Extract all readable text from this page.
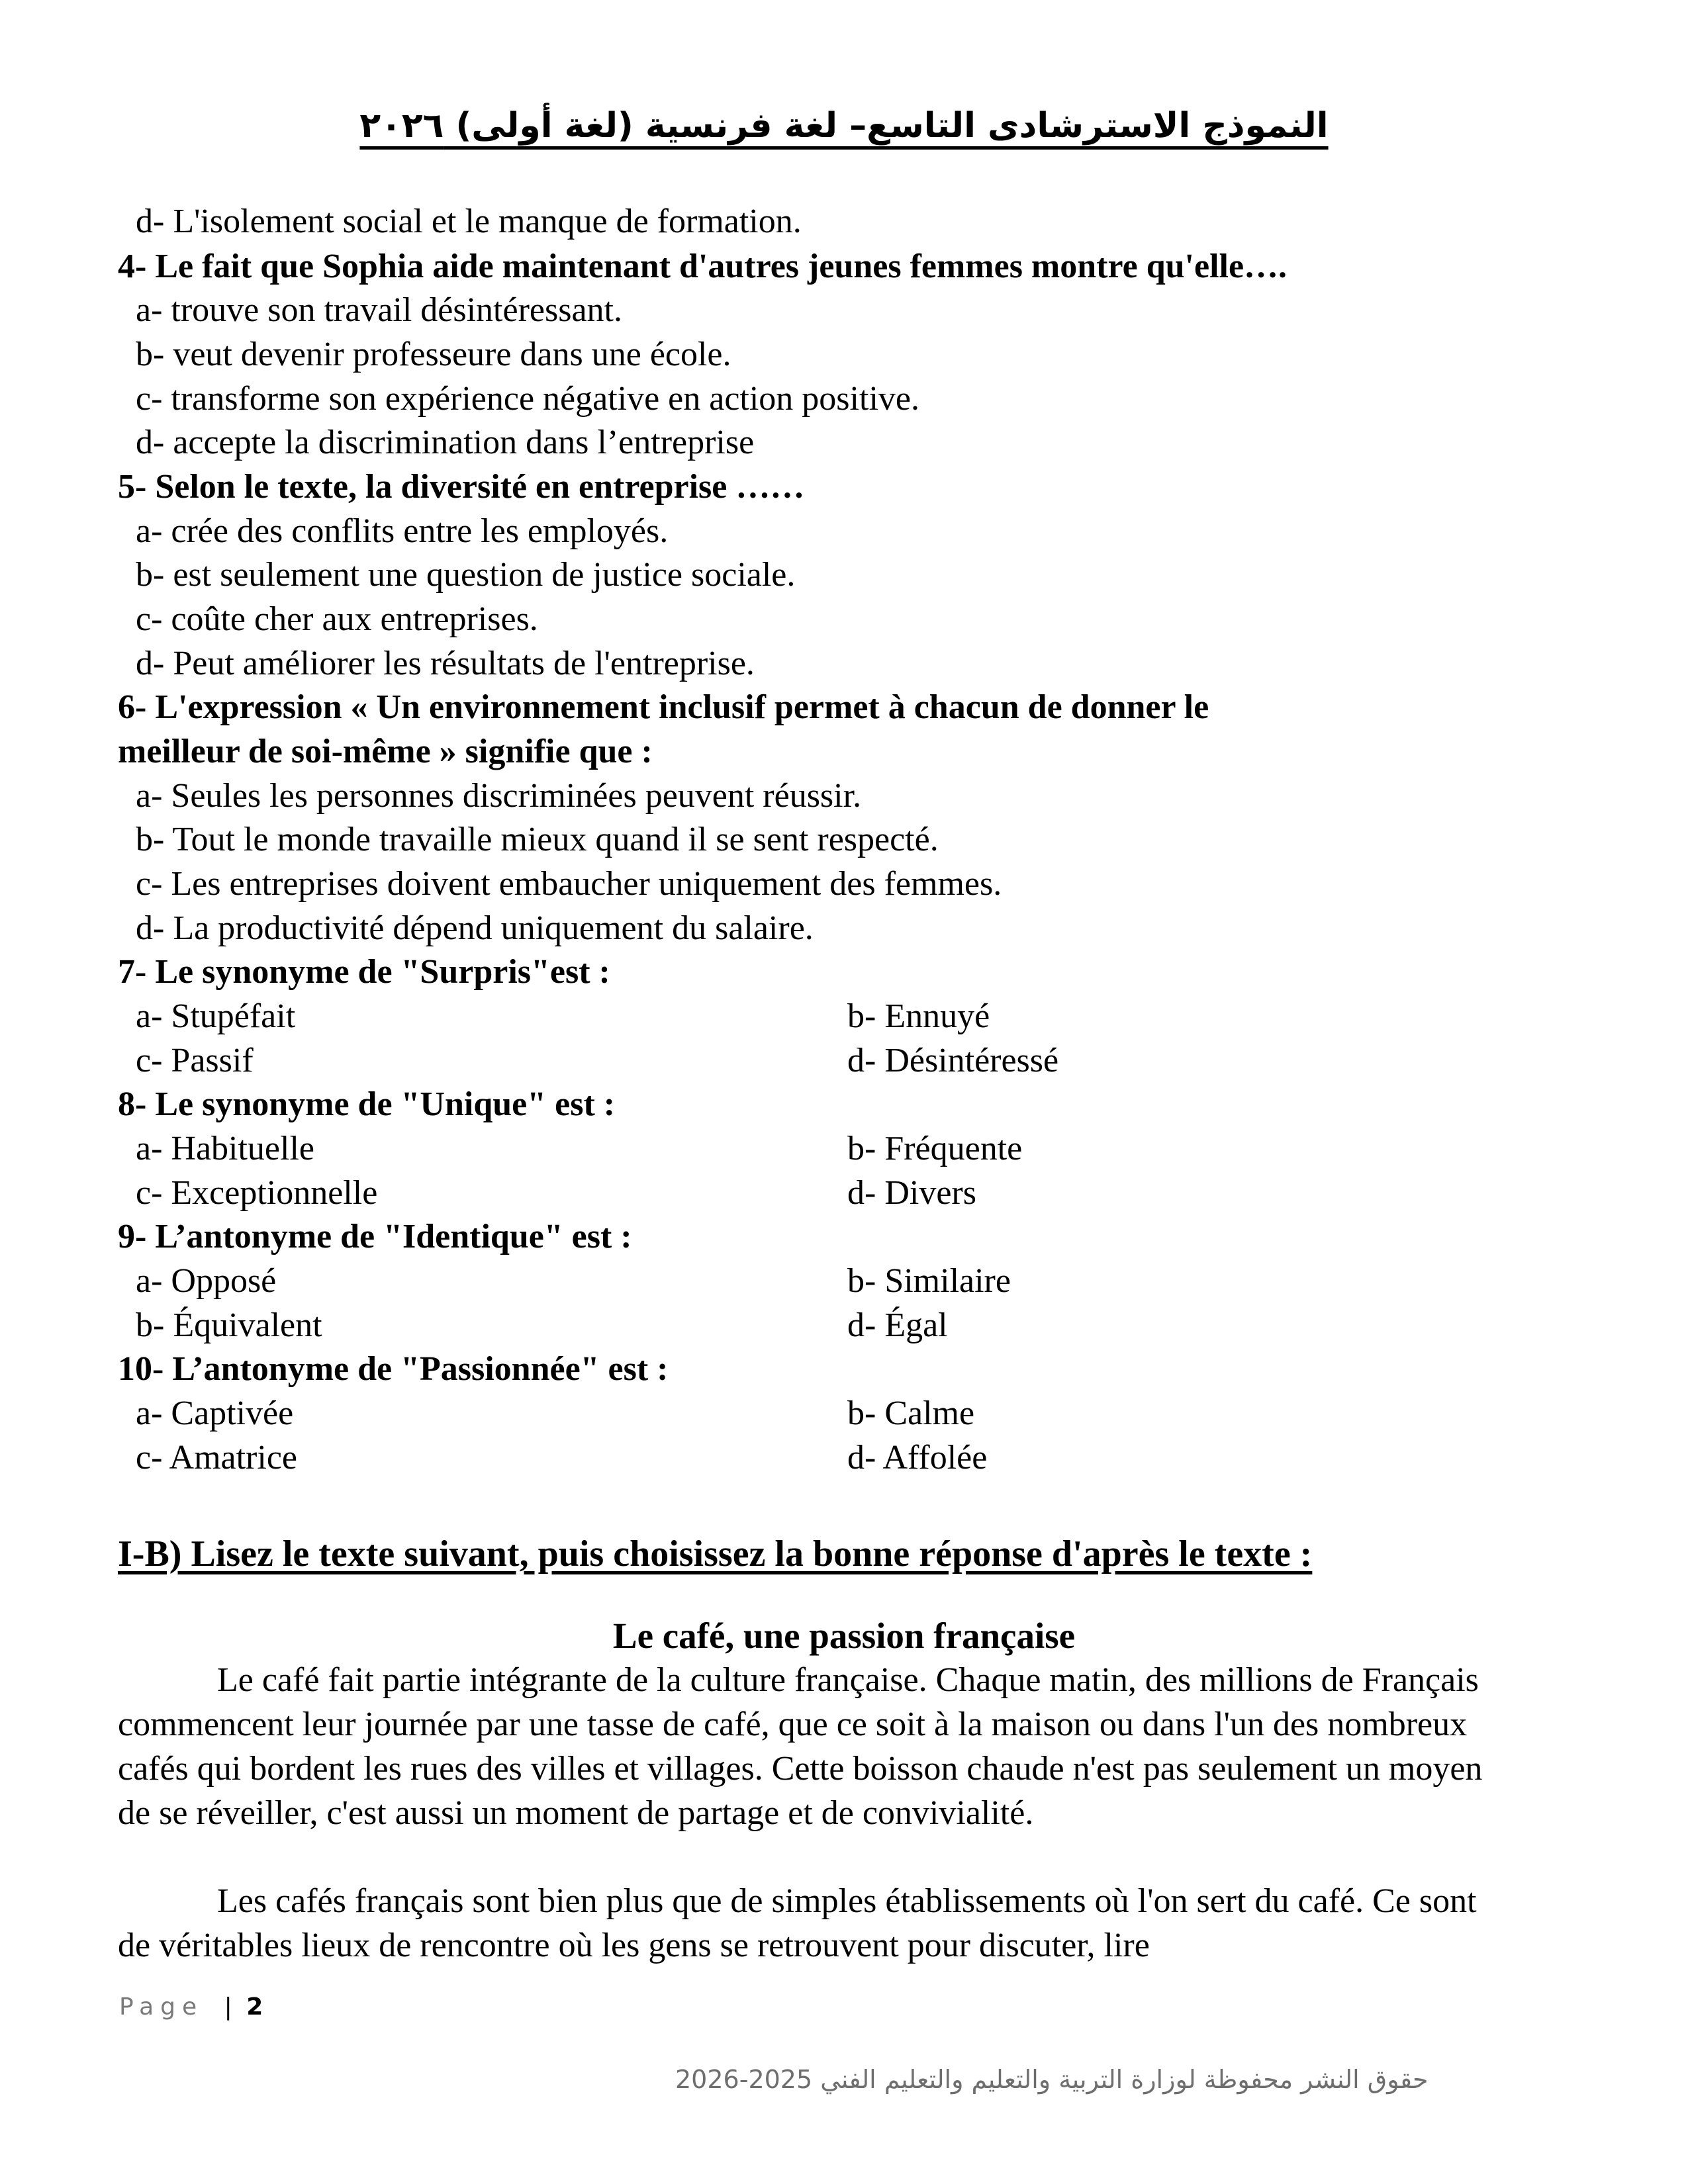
النموذج الاسترشادى التاسع– لغة فرنسية (لغة أولى) ٢٠٢٦
d- L'isolement social et le manque de formation.
4- Le fait que Sophia aide maintenant d'autres jeunes femmes montre qu'elle….
a- trouve son travail désintéressant.
b- veut devenir professeure dans une école.
c- transforme son expérience négative en action positive.
d- accepte la discrimination dans l’entreprise
5- Selon le texte, la diversité en entreprise ……
a- crée des conflits entre les employés.
b- est seulement une question de justice sociale.
c- coûte cher aux entreprises.
d- Peut améliorer les résultats de l'entreprise.
6- L'expression « Un environnement inclusif permet à chacun de donner le
meilleur de soi-même » signifie que :
a- Seules les personnes discriminées peuvent réussir.
b- Tout le monde travaille mieux quand il se sent respecté.
c- Les entreprises doivent embaucher uniquement des femmes.
d- La productivité dépend uniquement du salaire.
7- Le synonyme de "Surpris"est :
a- Stupéfait	b- Ennuyé
c- Passif	d- Désintéressé
8- Le synonyme de "Unique" est :
a- Habituelle	b- Fréquente
c- Exceptionnelle	d- Divers
9- L’antonyme de "Identique" est :
a- Opposé	b- Similaire
b- Équivalent	d- Égal
10- L’antonyme de "Passionnée" est :
a- Captivée	b- Calme
c- Amatrice	d- Affolée
I-B) Lisez le texte suivant, puis choisissez la bonne réponse d'après le texte :
Le café, une passion française
Le café fait partie intégrante de la culture française. Chaque matin, des millions de Français commencent leur journée par une tasse de café, que ce soit à la maison ou dans l'un des nombreux cafés qui bordent les rues des villes et villages. Cette boisson chaude n'est pas seulement un moyen de se réveiller, c'est aussi un moment de partage et de convivialité.
Les cafés français sont bien plus que de simples établissements où l'on sert du café. Ce sont de véritables lieux de rencontre où les gens se retrouvent pour discuter, lire
Page | 2
حقوق النشر محفوظة لوزارة التربية والتعليم والتعليم الفني 2025-2026
